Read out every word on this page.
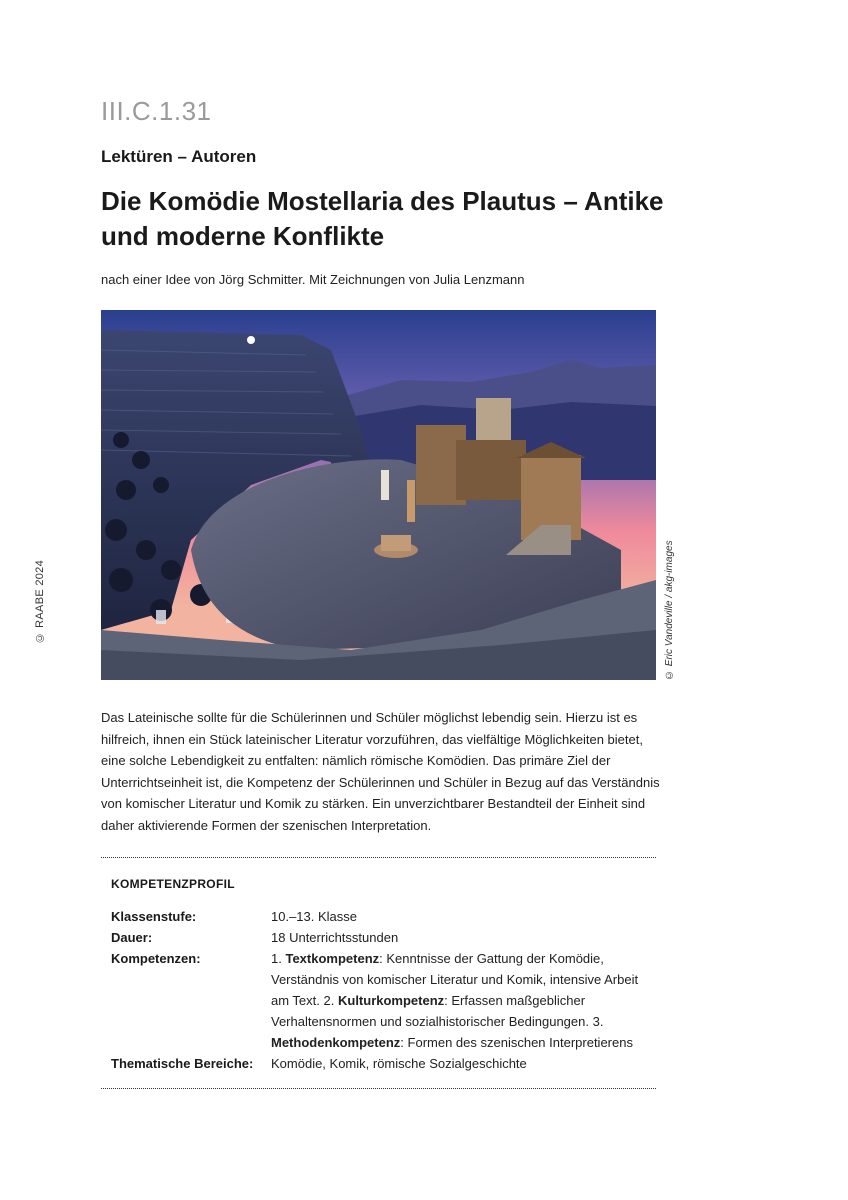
© RAABE 2024
III.C.1.31
Lektüren – Autoren
Die Komödie Mostellaria des Plautus – Antike und moderne Konflikte
nach einer Idee von Jörg Schmitter. Mit Zeichnungen von Julia Lenzmann
© Eric Vandeville / akg-images

Das Lateinische sollte für die Schülerinnen und Schüler möglichst lebendig sein. Hierzu ist es hilfreich, ihnen ein Stück lateinischer Literatur vorzuführen, das vielfältige Möglichkeiten bietet, eine solche Lebendigkeit zu entfalten: nämlich römische Komödien. Das primäre Ziel der Unterrichtseinheit ist, die Kompetenz der Schülerinnen und Schüler in Bezug auf das Verständnis von komischer Literatur und Komik zu stärken. Ein unverzichtbarer Bestandteil der Einheit sind daher aktivierende Formen der szenischen Interpretation.

KOMPETENZPROFIL
Klassenstufe:	10.–13. Klasse
Dauer:	18 Unterrichtsstunden
Kompetenzen:	1. Textkompetenz: Kenntnisse der Gattung der Komödie, Verständnis von komischer Literatur und Komik, intensive Arbeit am Text. 2. Kulturkompetenz: Erfassen maßgeblicher Verhaltensnormen und sozialhistorischer Bedingungen. 3. Methodenkompetenz: Formen des szenischen Interpretierens
Thematische Bereiche:	Komödie, Komik, römische Sozialgeschichte
